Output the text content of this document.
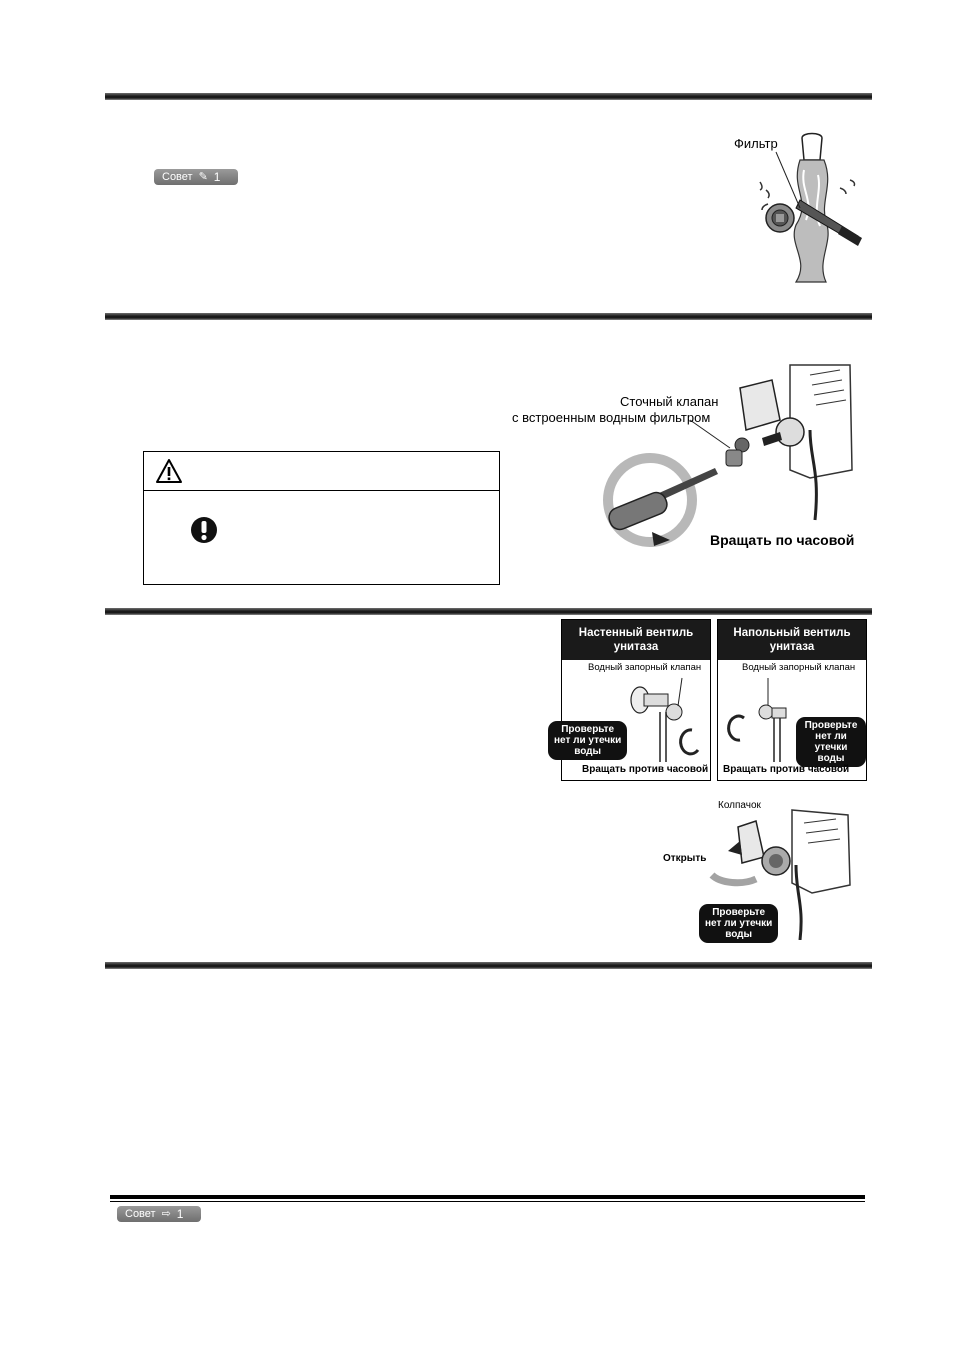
Совет ✎ 1
Фильтр
Сточный клапан
с встроенным водным фильтром
Вращать по часовой
Настенный вентиль
унитаза
Водный запорный клапан
Проверьте
нет ли утечки
воды
Вращать против часовой
Напольный вентиль
унитаза
Водный запорный клапан
Проверьте
нет ли утечки
воды
Вращать против часовой
Колпачок
Открыть
Проверьте
нет ли утечки
воды
Совет ⇨ 1
